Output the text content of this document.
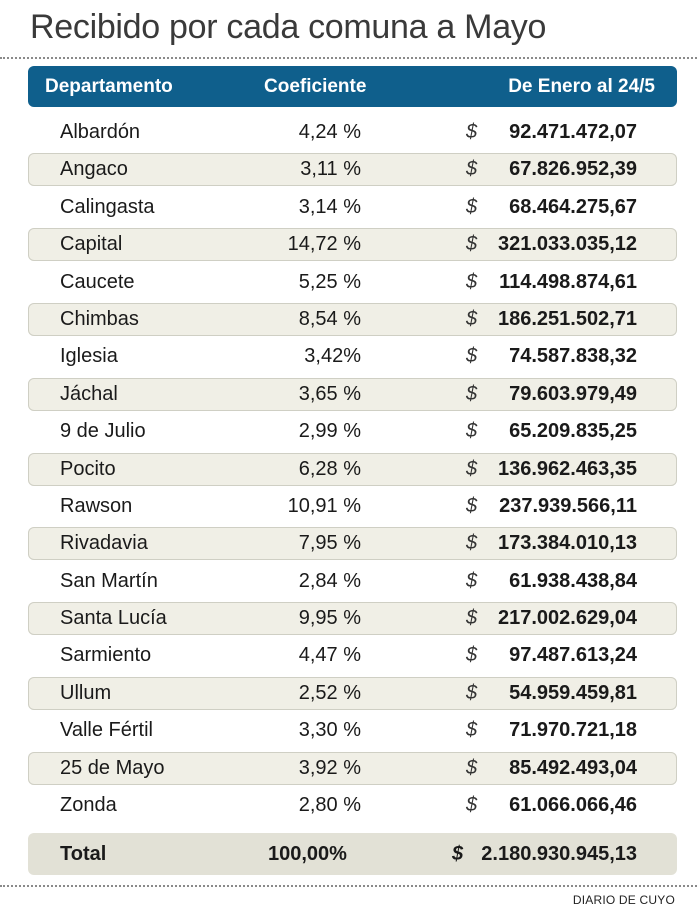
Recibido por cada comuna a Mayo
Departamento	Coeficiente	De Enero al 24/5
Albardón	4,24 %	$ 92.471.472,07
Angaco	3,11 %	$ 67.826.952,39
Calingasta	3,14 %	$ 68.464.275,67
Capital	14,72 %	$ 321.033.035,12
Caucete	5,25 %	$ 114.498.874,61
Chimbas	8,54 %	$ 186.251.502,71
Iglesia	3,42%	$ 74.587.838,32
Jáchal	3,65 %	$ 79.603.979,49
9 de Julio	2,99 %	$ 65.209.835,25
Pocito	6,28 %	$ 136.962.463,35
Rawson	10,91 %	$ 237.939.566,11
Rivadavia	7,95 %	$ 173.384.010,13
San Martín	2,84 %	$ 61.938.438,84
Santa Lucía	9,95 %	$ 217.002.629,04
Sarmiento	4,47 %	$ 97.487.613,24
Ullum	2,52 %	$ 54.959.459,81
Valle Fértil	3,30 %	$ 71.970.721,18
25 de Mayo	3,92 %	$ 85.492.493,04
Zonda	2,80 %	$ 61.066.066,46
Total	100,00%	$ 2.180.930.945,13
DIARIO DE CUYO
